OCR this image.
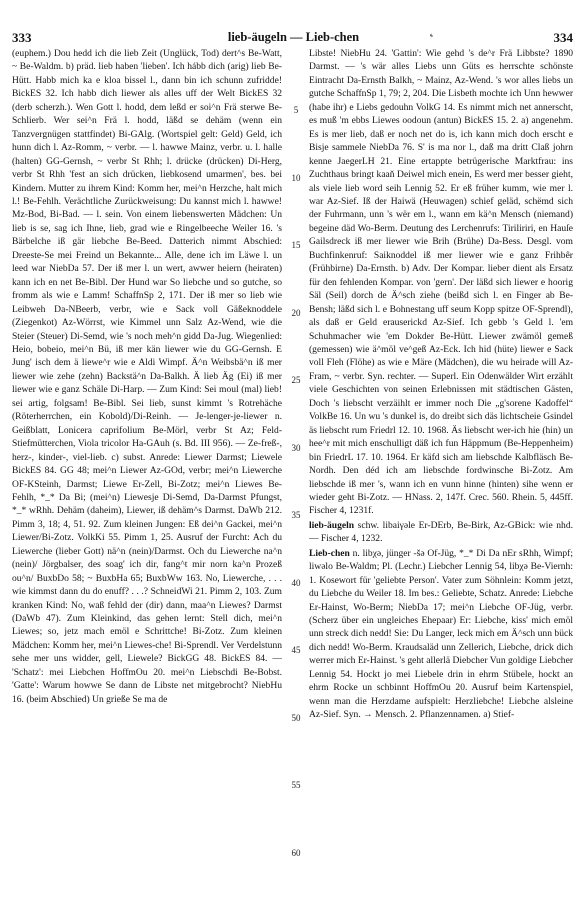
333	lieb-äugeln — Lieb-chen	˛	334

(euphem.) Dou hedd ich die lieb Zeit (Unglück, Tod) dert^s Be-Watt, ~ Be-Waldm. b) präd. lieb haben 'lieben'. Ich hább dich (arig) lieb Be-Hütt. Habb mich ka e kloa bissel l., dann bin ich schunn zufridde! BickES 32. Ich habb dich liewer als alles uff der Welt BickES 32 (derb scherzh.). Wen Gott l. hodd, dem leßd er soi^n Frä sterwe Be-Schlierb. Wer sei^n Frä l. hodd, läßd se dehäm (wenn ein Tanzvergnügen stattfindet) Bi-GAlg. (Wortspiel gelt: Geld) Geld, ich hunn dich l. Az-Romm, ~ verbr. — l. hawwe Mainz, verbr. u. l. halle (halten) GG-Gernsh, ~ verbr St Rhh; l. drücke (drücken) Di-Herg, verbr St Rhh 'fest an sich drücken, liebkosend umarmen', bes. bei Kindern. Mutter zu ihrem Kind: Komm her, mei^n Herzche, halt mich l.! Be-Fehlh. Verächtliche Zurückweisung: Du kannst mich l. hawwe! Mz-Bod, Bi-Bad. — l. sein. Von einem liebenswerten Mädchen: Un lieb is se, sag ich Ihne, lieb, grad wie e Ringelbeeche Weiler 16. 's Bärbelche iß gär liebche Be-Beed. Datterich nimmt Abschied: Dreeste-Se mei Freind un Bekannte... Alle, dene ich im Läwe l. un leed war NiebDa 57. Der iß mer l. un wert, awwer heiern (heiraten) kann ich en net Be-Bibl. Der Hund war So liebche und so gutche, so fromm als wie e Lamm! SchaffnSp 2, 171. Der iß mer so lieb wie Leibweh Da-NBeerb, verbr, wie e Sack voll Gäßeknoddele (Ziegenkot) Az-Wörrst, wie Kimmel unn Salz Az-Wend, wie die Steier (Steuer) Di-Semd, wie 's noch meh^n gidd Da-Jug. Wiegenlied: Heio, bobeio, mei^n Bü, iß mer kän liewer wie du GG-Gernsh. E Jung' isch dem ä liewe^r wie e Aldi Wimpf. Ä^n Weibsbä^n iß mer liewer wie zehe (zehn) Backstä^n Da-Balkh. Ä lieb Äg (Ei) iß mer liewer wie e ganz Schäle Di-Harp. — Zum Kind: Sei moul (mal) lieb! sei artig, folgsam! Be-Bibl. Sei lieb, sunst kimmt 's Rotrehäche (Röterherrchen, ein Kobold)/Di-Reinh. — Je-lenger-je-liewer n. Geißblatt, Lonicera caprifolium Be-Mörl, verbr St Az; Feld-Stiefmütterchen, Viola tricolor Ha-GAuh (s. Bd. III 956). — Ze-freß-, herz-, kinder-, viel-lieb. c) subst. Anrede: Liewer Darmst; Liewele BickES 84. GG 48; mei^n Liewer Az-GOd, verbr; mei^n Liewerche OF-KSteinh, Darmst; Liewe Er-Zell, Bi-Zotz; mei^n Liewes Be-Fehlh, *_* Da Bi; (mei^n) Liewesje Di-Semd, Da-Darmst Pfungst, *_* wRhh. Dehäm (daheim), Liewer, iß dehäm^s Darmst. DaWb 212. Pimm 3, 18; 4, 51. 92. Zum kleinen Jungen: Eß dei^n Gackei, mei^n Liewer/Bi-Zotz. VolkKi 55. Pimm 1, 25. Ausruf der Furcht: Ach du Liewerche (lieber Gott) nä^n (nein)/Darmst. Och du Liewerche na^n (nein)/ Jörgbalser, des soag' ich dir, fang^t mir norn ka^n Prozeß ou^n/ BuxbDo 58; ~ BuxbHa 65; BuxbWw 163. No, Liewerche, . . . wie kimmst dann du do enuff? . . .? SchneidWi 21. Pimm 2, 103. Zum kranken Kind: No, waß fehld der (dir) dann, maa^n Liewes? Darmst (DaWb 47). Zum Kleinkind, das gehen lernt: Stell dich, mei^n Liewes; so, jetz mach emöl e Schrittche! Bi-Zotz. Zum kleinen Mädchen: Komm her, mei^n Liewes-che! Bi-Sprendl. Ver Verdelstunn sehe mer uns widder, gell, Liewele? BickGG 48. BickES 84. — 'Schatz': mei Liebchen HoffmOu 20. mei^n Liebschdi Be-Bobst. 'Gatte': Warum howwe Se dann de Libste net mitgebrocht? NiebHu 16. (beim Abschied) Un grieße Se ma de

5
10
15
20
25
30
35
40
45
50
55
60

Libste! NiebHu 24. 'Gattin': Wie gehd 's de^r Frä Libbste? 1890 Darmst. — 's wär alles Liebs unn Güts es herrschte schönste Eintracht Da-Ernsth Balkh, ~ Mainz, Az-Wend. 's wor alles liebs un gutche SchaffnSp 1, 79; 2, 204. Die Lisbeth mochte ich Unn hewwer (habe ihr) e Liebs gedouhn VolkG 14. Es nimmt mich net annerscht, es muß 'm ebbs Liewes oodoun (antun) BickES 15. 2. a) angenehm. Es is mer lieb, daß er noch net do is, ich kann mich doch erscht e Bisje sammele NiebDa 76. S' is ma nor l., daß ma dritt Claß johrn kenne JaegerLH 21. Eine ertappte betrügerische Marktfrau: ins Zuchthaus bringt kaaň Deiwel mich enein, Es werd mer besser gieht, als viele lieb word seih Lennig 52. Er eß früher kumm, wie mer l. war Az-Sief. Iß der Haiwä (Heuwagen) schief geläd, schëmd sich der Fuhrmann, unn 's wër em l., wann em kä^n Mensch (niemand) begeine däd Wo-Berm. Deutung des Lerchenrufs: Tiriliriri, en Hauſe Gailsdreck iß mer liewer wie Brih (Brühe) Da-Bess. Desgl. vom Buchfinkenruf: Saiknoddel iß mer liewer wie e ganz Frihbêr (Frühbirne) Da-Ernsth. b) Adv. Der Kompar. lieber dient als Ersatz für den fehlenden Kompar. von 'gern'. Der läßd sich liewer e hoorig Säl (Seil) dorch de Ä^sch ziehe (beißd sich l. en Finger ab Be-Bensh; läßd sich l. e Bohnestang uff seum Kopp spitze OF-Sprendl), als daß er Geld erauserickd Az-Sief. Ich gebb 's Geld l. 'em Schuhmacher wie 'em Dokder Be-Hütt. Liewer zwämöl gemeß (gemessen) wie ä^möl ve^geß Az-Eck. Ich hid (hüte) liewer e Sack voll Fleh (Flöhe) as wie e Märe (Mädchen), die wu heirade will Az-Fram, ~ verbr. Syn. rechter. — Superl. Ein Odenwälder Wirt erzählt viele Geschichten von seinen Erlebnissen mit städtischen Gästen, Doch 's liebscht verzäihlt er immer noch Die „g'sorene Kadoffel“ VolkBe 16. Un wu 's dunkel is, do dreibt sich däs lichtscheie Gsindel äs liebscht rum Friedrl 12. 10. 1968. Äs liebscht wer-ich hie (hin) un hee^r mit mich enschulligt däß ich fun Häppmum (Be-Heppenheim) bin FriedrL 17. 10. 1964. Er käfd sich am liebschde Kalbfläsch Be-Nordh. Den déd ich am liebschde fordwinsche Bi-Zotz. Am liebschde iß mer 's, wann ich en vunn hinne (hinten) sihe wenn er wieder geht Bi-Zotz. — HNass. 2, 147f. Crec. 560. Rhein. 5, 445ff. Fischer 4, 1231f.

lieb-äugeln schw. libaiγəle Er-DErb, Be-Birk, Az-GBick: wie nhd. — Fischer 4, 1232.

Lieb-chen n. libχə, jünger -šə Of-Jüg, *_* Di Da nEr sRhh, Wimpf; liwəlo Be-Waldm; Pl. (Lechr.) Liebcher Lennig 54, libχə Be-Viernh: 1. Kosewort für 'geliebte Person'. Vater zum Söhnlein: Komm jetzt, du Liebche du Weiler 18. Im bes.: Geliebte, Schatz. Anrede: Liebche Er-Hainst, Wo-Berm; NiebDa 17; mei^n Liebche OF-Jüg, verbr. (Scherz über ein ungleiches Ehepaar) Er: Liebche, kiss' mich emöl unn streck dich nedd! Sie: Du Langer, leck mich em Ä^sch unn bück dich nedd! Wo-Berm. Kraudsaläd unn Zellerich, Liebche, drick dich werrer mich Er-Hainst. 's geht allerlä Diebcher Vun goldige Liebcher Lennig 54. Hockt jo mei Liebele drin in ehrm Stübele, hockt an ehrm Rocke un schbinnt HoffmOu 20. Ausruf beim Kartenspiel, wenn man die Herzdame aufspielt: Herzliebche! Liebche alsleine Az-Sief. Syn. → Mensch. 2. Pflanzennamen. a) Stief-
